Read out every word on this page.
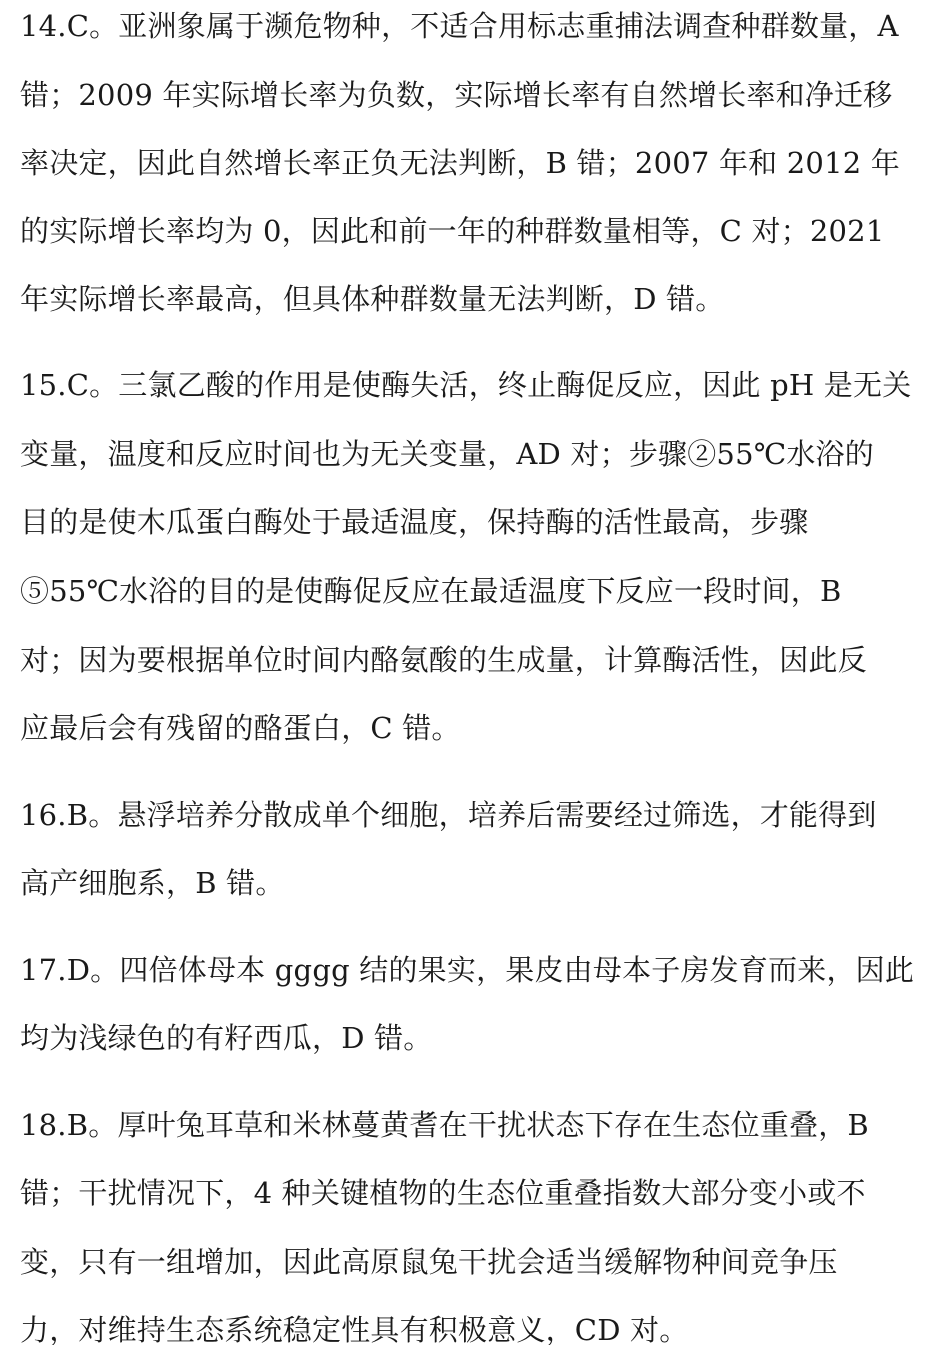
14.C。亚洲象属于濒危物种，不适合用标志重捕法调查种群数量，A
错；2009 年实际增长率为负数，实际增长率有自然增长率和净迁移
率决定，因此自然增长率正负无法判断，B 错；2007 年和 2012 年
的实际增长率均为 0，因此和前一年的种群数量相等，C 对；2021
年实际增长率最高，但具体种群数量无法判断，D 错。
15.C。三氯乙酸的作用是使酶失活，终止酶促反应，因此 pH 是无关
变量，温度和反应时间也为无关变量，AD 对；步骤②55℃水浴的
目的是使木瓜蛋白酶处于最适温度，保持酶的活性最高，步骤
⑤55℃水浴的目的是使酶促反应在最适温度下反应一段时间，B
对；因为要根据单位时间内酪氨酸的生成量，计算酶活性，因此反
应最后会有残留的酪蛋白，C 错。
16.B。悬浮培养分散成单个细胞，培养后需要经过筛选，才能得到
高产细胞系，B 错。
17.D。四倍体母本 gggg 结的果实，果皮由母本子房发育而来，因此
均为浅绿色的有籽西瓜，D 错。
18.B。厚叶兔耳草和米林蔓黄耆在干扰状态下存在生态位重叠，B
错；干扰情况下，4 种关键植物的生态位重叠指数大部分变小或不
变，只有一组增加，因此高原鼠兔干扰会适当缓解物种间竞争压
力，对维持生态系统稳定性具有积极意义，CD 对。
